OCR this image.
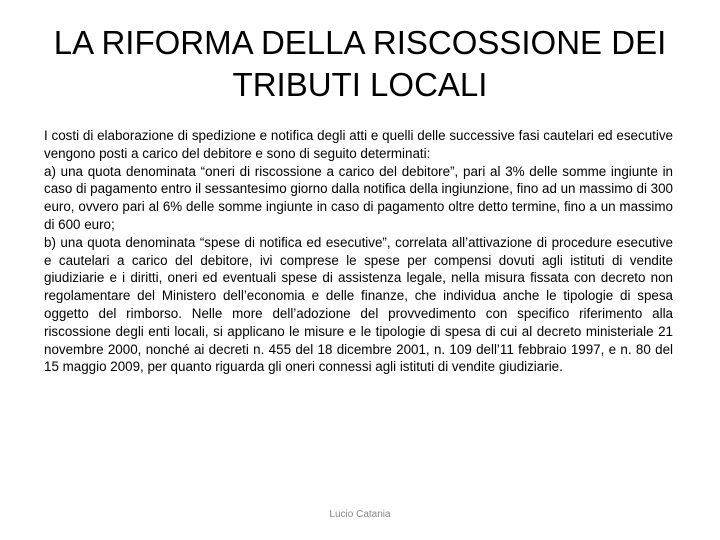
LA RIFORMA DELLA RISCOSSIONE DEI
TRIBUTI LOCALI

I costi di elaborazione di spedizione e notifica degli atti e quelli delle successive fasi cautelari ed esecutive vengono posti a carico del debitore e sono di seguito determinati:

a) una quota denominata “oneri di riscossione a carico del debitore”, pari al 3% delle somme ingiunte in caso di pagamento entro il sessantesimo giorno dalla notifica della ingiunzione, fino ad un massimo di 300 euro, ovvero pari al 6% delle somme ingiunte in caso di pagamento oltre detto termine, fino a un massimo di 600 euro;

b) una quota denominata “spese di notifica ed esecutive”, correlata all’attivazione di procedure esecutive e cautelari a carico del debitore, ivi comprese le spese per compensi dovuti agli istituti di vendite giudiziarie e i diritti, oneri ed eventuali spese di assistenza legale, nella misura fissata con decreto non regolamentare del Ministero dell’economia e delle finanze, che individua anche le tipologie di spesa oggetto del rimborso. Nelle more dell’adozione del provvedimento con specifico riferimento alla riscossione degli enti locali, si applicano le misure e le tipologie di spesa di cui al decreto ministeriale 21 novembre 2000, nonché ai decreti n. 455 del 18 dicembre 2001, n. 109 dell’11 febbraio 1997, e n. 80 del 15 maggio 2009, per quanto riguarda gli oneri connessi agli istituti di vendite giudiziarie.

Lucio Catania
